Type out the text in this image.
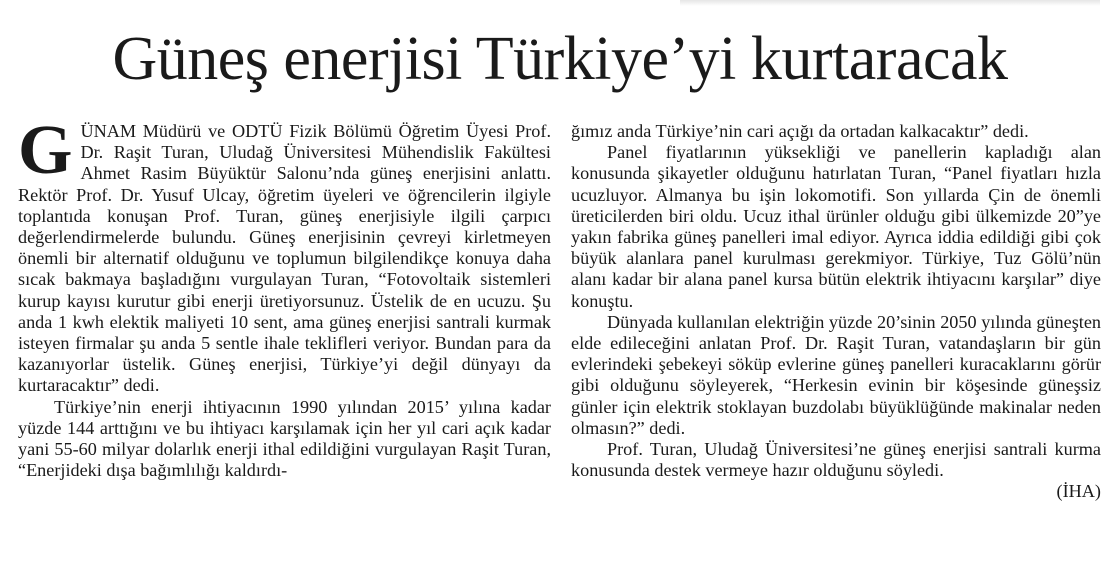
Güneş enerjisi Türkiye’yi kurtaracak

GÜNAM Müdürü ve ODTÜ Fizik Bölümü Öğretim Üyesi Prof. Dr. Raşit Turan, Uludağ Üniversitesi Mühendislik Fakültesi Ahmet Rasim Büyüktür Salonu’nda güneş enerjisini anlattı. Rektör Prof. Dr. Yusuf Ulcay, öğretim üyeleri ve öğrencilerin ilgiyle toplantıda konuşan Prof. Turan, güneş enerjisiyle ilgili çarpıcı değerlendirmelerde bulundu. Güneş enerjisinin çevreyi kirletmeyen önemli bir alternatif olduğunu ve toplumun bilgilendikçe konuya daha sıcak bakmaya başladığını vurgulayan Turan, “Fotovoltaik sistemleri kurup kayısı kurutur gibi enerji üretiyorsunuz. Üstelik de en ucuzu. Şu anda 1 kwh elektik maliyeti 10 sent, ama güneş enerjisi santrali kurmak isteyen firmalar şu anda 5 sentle ihale teklifleri veriyor. Bundan para da kazanıyorlar üstelik. Güneş enerjisi, Türkiye’yi değil dünyayı da kurtaracaktır” dedi.

Türkiye’nin enerji ihtiyacının 1990 yılından 2015’ yılına kadar yüzde 144 arttığını ve bu ihtiyacı karşılamak için her yıl cari açık kadar yani 55-60 milyar dolarlık enerji ithal edildiğini vurgulayan Raşit Turan, “Enerjideki dışa bağımlılığı kaldırdı-

ğımız anda Türkiye’nin cari açığı da ortadan kalkacaktır” dedi.

Panel fiyatlarının yüksekliği ve panellerin kapladığı alan konusunda şikayetler olduğunu hatırlatan Turan, “Panel fiyatları hızla ucuzluyor. Almanya bu işin lokomotifi. Son yıllarda Çin de önemli üreticilerden biri oldu. Ucuz ithal ürünler olduğu gibi ülkemizde 20”ye yakın fabrika güneş panelleri imal ediyor. Ayrıca iddia edildiği gibi çok büyük alanlara panel kurulması gerekmiyor. Türkiye, Tuz Gölü’nün alanı kadar bir alana panel kursa bütün elektrik ihtiyacını karşılar” diye konuştu.

Dünyada kullanılan elektriğin yüzde 20’sinin 2050 yılında güneşten elde edileceğini anlatan Prof. Dr. Raşit Turan, vatandaşların bir gün evlerindeki şebekeyi söküp evlerine güneş panelleri kuracaklarını görür gibi olduğunu söyleyerek, “Herkesin evinin bir köşesinde güneşsiz günler için elektrik stoklayan buzdolabı büyüklüğünde makinalar neden olmasın?” dedi.

Prof. Turan, Uludağ Üniversitesi’ne güneş enerjisi santrali kurma konusunda destek vermeye hazır olduğunu söyledi.

(İHA)
